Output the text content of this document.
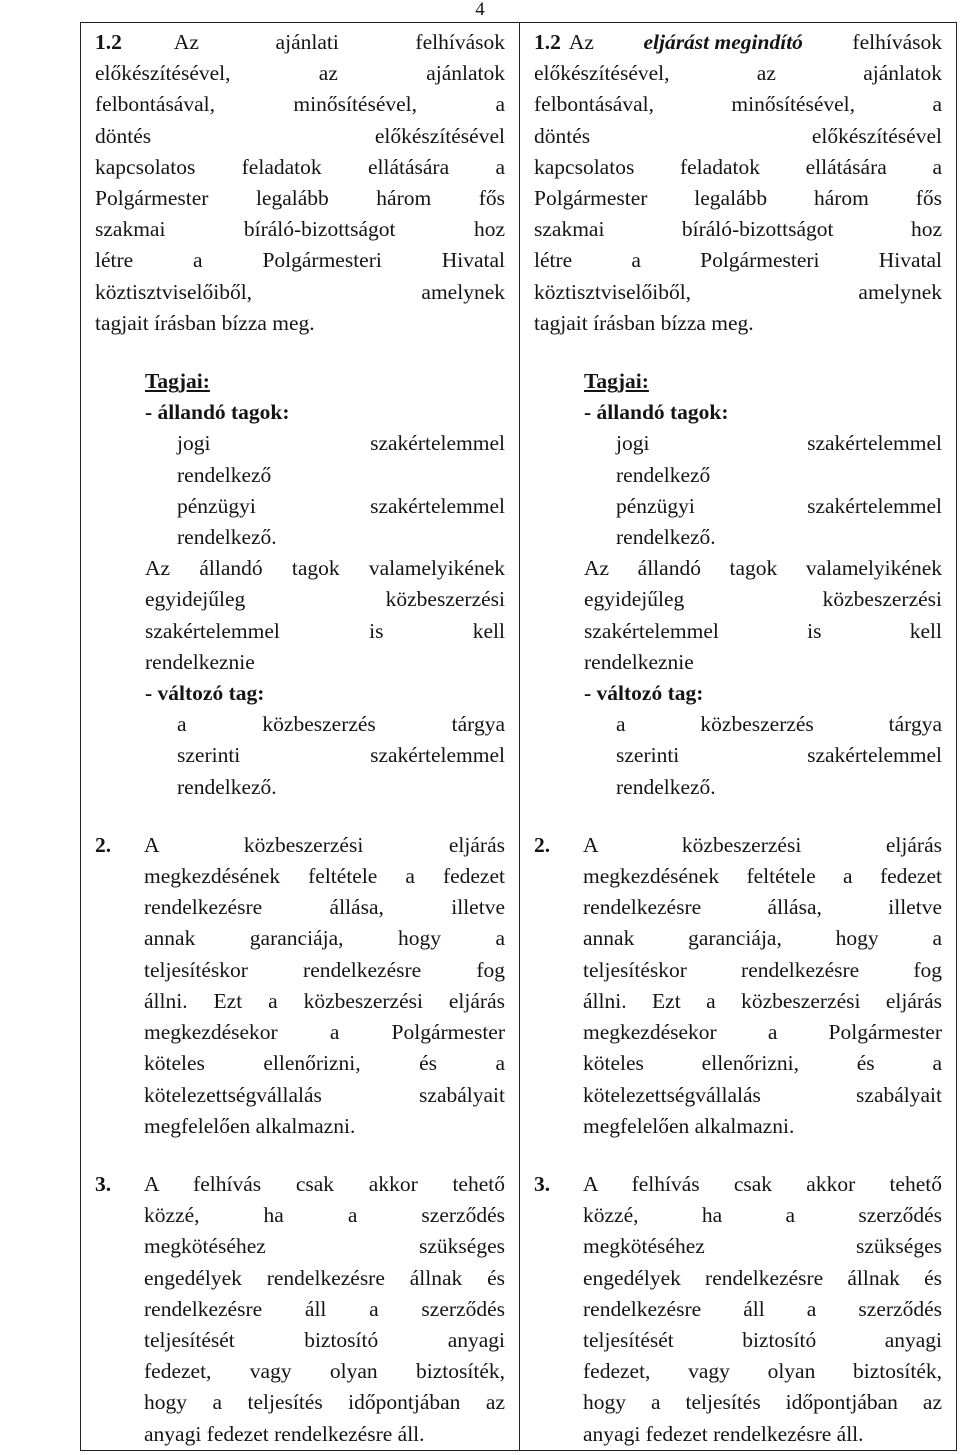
4
1.2 Az ajánlati felhívások
előkészítésével, az ajánlatok
felbontásával, minősítésével, a
döntés előkészítésével
kapcsolatos feladatok ellátására a
Polgármester legalább három fős
szakmai bíráló-bizottságot hoz
létre a Polgármesteri Hivatal
köztisztviselőiből, amelynek
tagjait írásban bízza meg.
Tagjai:
- állandó tagok:
jogi	szakértelemmel
rendelkező
pénzügyi	szakértelemmel
rendelkező.
Az állandó tagok valamelyikének
egyidejűleg közbeszerzési
szakértelemmel is kell
rendelkeznie
- változó tag:
a közbeszerzés tárgya
szerinti szakértelemmel
rendelkező.
2.	A közbeszerzési eljárás
megkezdésének feltétele a fedezet
rendelkezésre állása, illetve
annak garanciája, hogy a
teljesítéskor rendelkezésre fog
állni. Ezt a közbeszerzési eljárás
megkezdésekor a Polgármester
köteles ellenőrizni, és a
kötelezettségvállalás szabályait
megfelelően alkalmazni.
3.	A felhívás csak akkor tehető
közzé, ha a szerződés
megkötéséhez szükséges
engedélyek rendelkezésre állnak és
rendelkezésre áll a szerződés
teljesítését biztosító anyagi
fedezet, vagy olyan biztosíték,
hogy a teljesítés időpontjában az
anyagi fedezet rendelkezésre áll.

1.2 Az eljárást megindító felhívások
előkészítésével, az ajánlatok
felbontásával, minősítésével, a
döntés előkészítésével
kapcsolatos feladatok ellátására a
Polgármester legalább három fős
szakmai bíráló-bizottságot hoz
létre a Polgármesteri Hivatal
köztisztviselőiből, amelynek
tagjait írásban bízza meg.
Tagjai:
- állandó tagok:
jogi	szakértelemmel
rendelkező
pénzügyi	szakértelemmel
rendelkező.
Az állandó tagok valamelyikének
egyidejűleg közbeszerzési
szakértelemmel is kell
rendelkeznie
- változó tag:
a közbeszerzés tárgya
szerinti szakértelemmel
rendelkező.
2.	A közbeszerzési eljárás
megkezdésének feltétele a fedezet
rendelkezésre állása, illetve
annak garanciája, hogy a
teljesítéskor rendelkezésre fog
állni. Ezt a közbeszerzési eljárás
megkezdésekor a Polgármester
köteles ellenőrizni, és a
kötelezettségvállalás szabályait
megfelelően alkalmazni.
3.	A felhívás csak akkor tehető
közzé, ha a szerződés
megkötéséhez szükséges
engedélyek rendelkezésre állnak és
rendelkezésre áll a szerződés
teljesítését biztosító anyagi
fedezet, vagy olyan biztosíték,
hogy a teljesítés időpontjában az
anyagi fedezet rendelkezésre áll.
